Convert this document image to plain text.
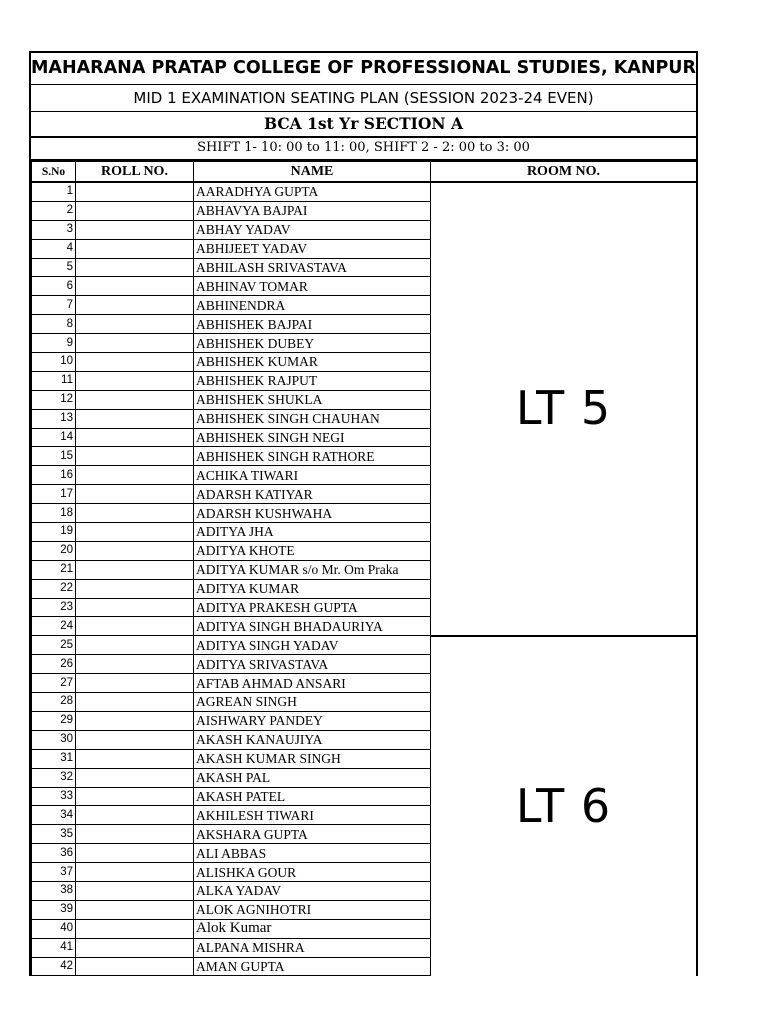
MAHARANA PRATAP COLLEGE OF PROFESSIONAL STUDIES, KANPUR
MID 1 EXAMINATION SEATING PLAN (SESSION 2023-24 EVEN)
BCA 1st Yr SECTION A
SHIFT 1- 10: 00 to 11: 00, SHIFT 2 - 2: 00 to 3: 00
S.No	ROLL NO.	NAME	ROOM NO.
1		AARADHYA GUPTA	LT 5
2		ABHAVYA BAJPAI	
3		ABHAY YADAV	
4		ABHIJEET YADAV	
5		ABHILASH SRIVASTAVA	
6		ABHINAV TOMAR	
7		ABHINENDRA	
8		ABHISHEK BAJPAI	
9		ABHISHEK DUBEY	
10		ABHISHEK KUMAR	
11		ABHISHEK RAJPUT	
12		ABHISHEK SHUKLA	
13		ABHISHEK SINGH CHAUHAN	
14		ABHISHEK SINGH NEGI	
15		ABHISHEK SINGH RATHORE	
16		ACHIKA TIWARI	
17		ADARSH KATIYAR	
18		ADARSH KUSHWAHA	
19		ADITYA JHA	
20		ADITYA KHOTE	
21		ADITYA KUMAR s/o Mr. Om Praka	
22		ADITYA KUMAR	
23		ADITYA PRAKESH GUPTA	
24		ADITYA SINGH BHADAURIYA	
25		ADITYA SINGH YADAV	LT 6
26		ADITYA SRIVASTAVA	
27		AFTAB AHMAD ANSARI	
28		AGREAN SINGH	
29		AISHWARY PANDEY	
30		AKASH KANAUJIYA	
31		AKASH KUMAR SINGH	
32		AKASH PAL	
33		AKASH PATEL	
34		AKHILESH TIWARI	
35		AKSHARA GUPTA	
36		ALI ABBAS	
37		ALISHKA GOUR	
38		ALKA YADAV	
39		ALOK AGNIHOTRI	
40		Alok Kumar	
41		ALPANA MISHRA	
42		AMAN GUPTA	
